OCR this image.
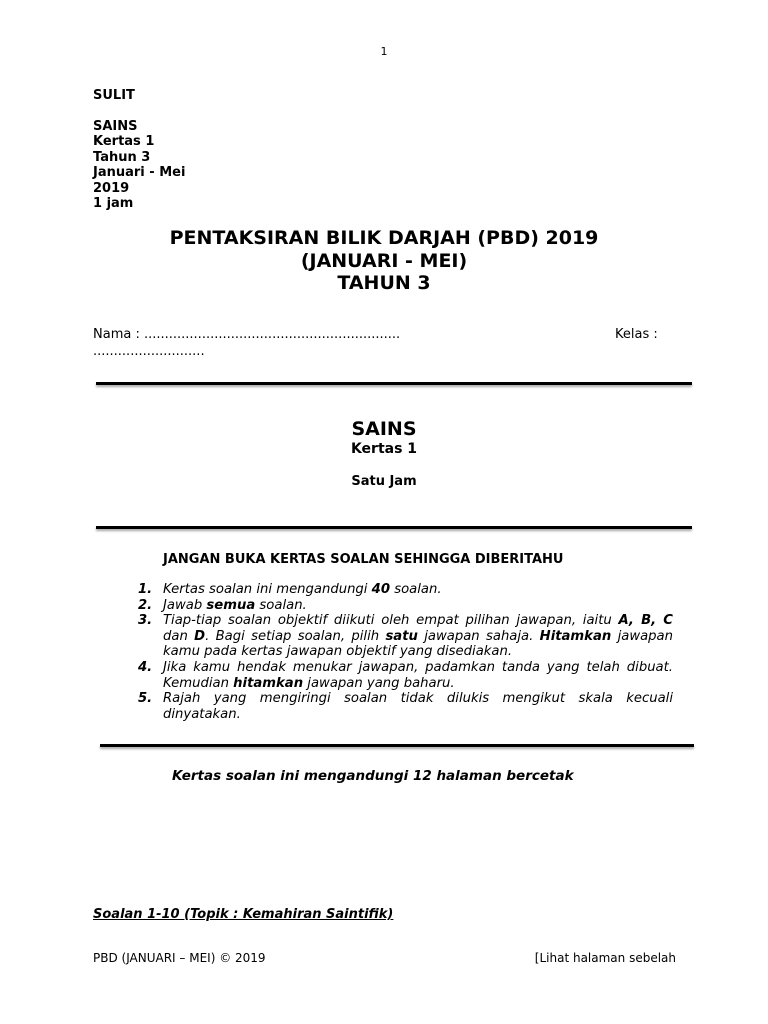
1
SULIT
SAINS
Kertas 1
Tahun 3
Januari - Mei
2019
1 jam
PENTAKSIRAN BILIK DARJAH (PBD) 2019
(JANUARI - MEI)
TAHUN 3
Nama : ..............................................................	Kelas :
...........................
SAINS
Kertas 1
Satu Jam
JANGAN BUKA KERTAS SOALAN SEHINGGA DIBERITAHU
1. Kertas soalan ini mengandungi 40 soalan.
2. Jawab semua soalan.
3. Tiap-tiap soalan objektif diikuti oleh empat pilihan jawapan, iaitu A, B, C dan D. Bagi setiap soalan, pilih satu jawapan sahaja. Hitamkan jawapan kamu pada kertas jawapan objektif yang disediakan.
4. Jika kamu hendak menukar jawapan, padamkan tanda yang telah dibuat. Kemudian hitamkan jawapan yang baharu.
5. Rajah yang mengiringi soalan tidak dilukis mengikut skala kecuali dinyatakan.
Kertas soalan ini mengandungi 12 halaman bercetak
Soalan 1-10 (Topik : Kemahiran Saintifik)
PBD (JANUARI – MEI) © 2019	[Lihat halaman sebelah
